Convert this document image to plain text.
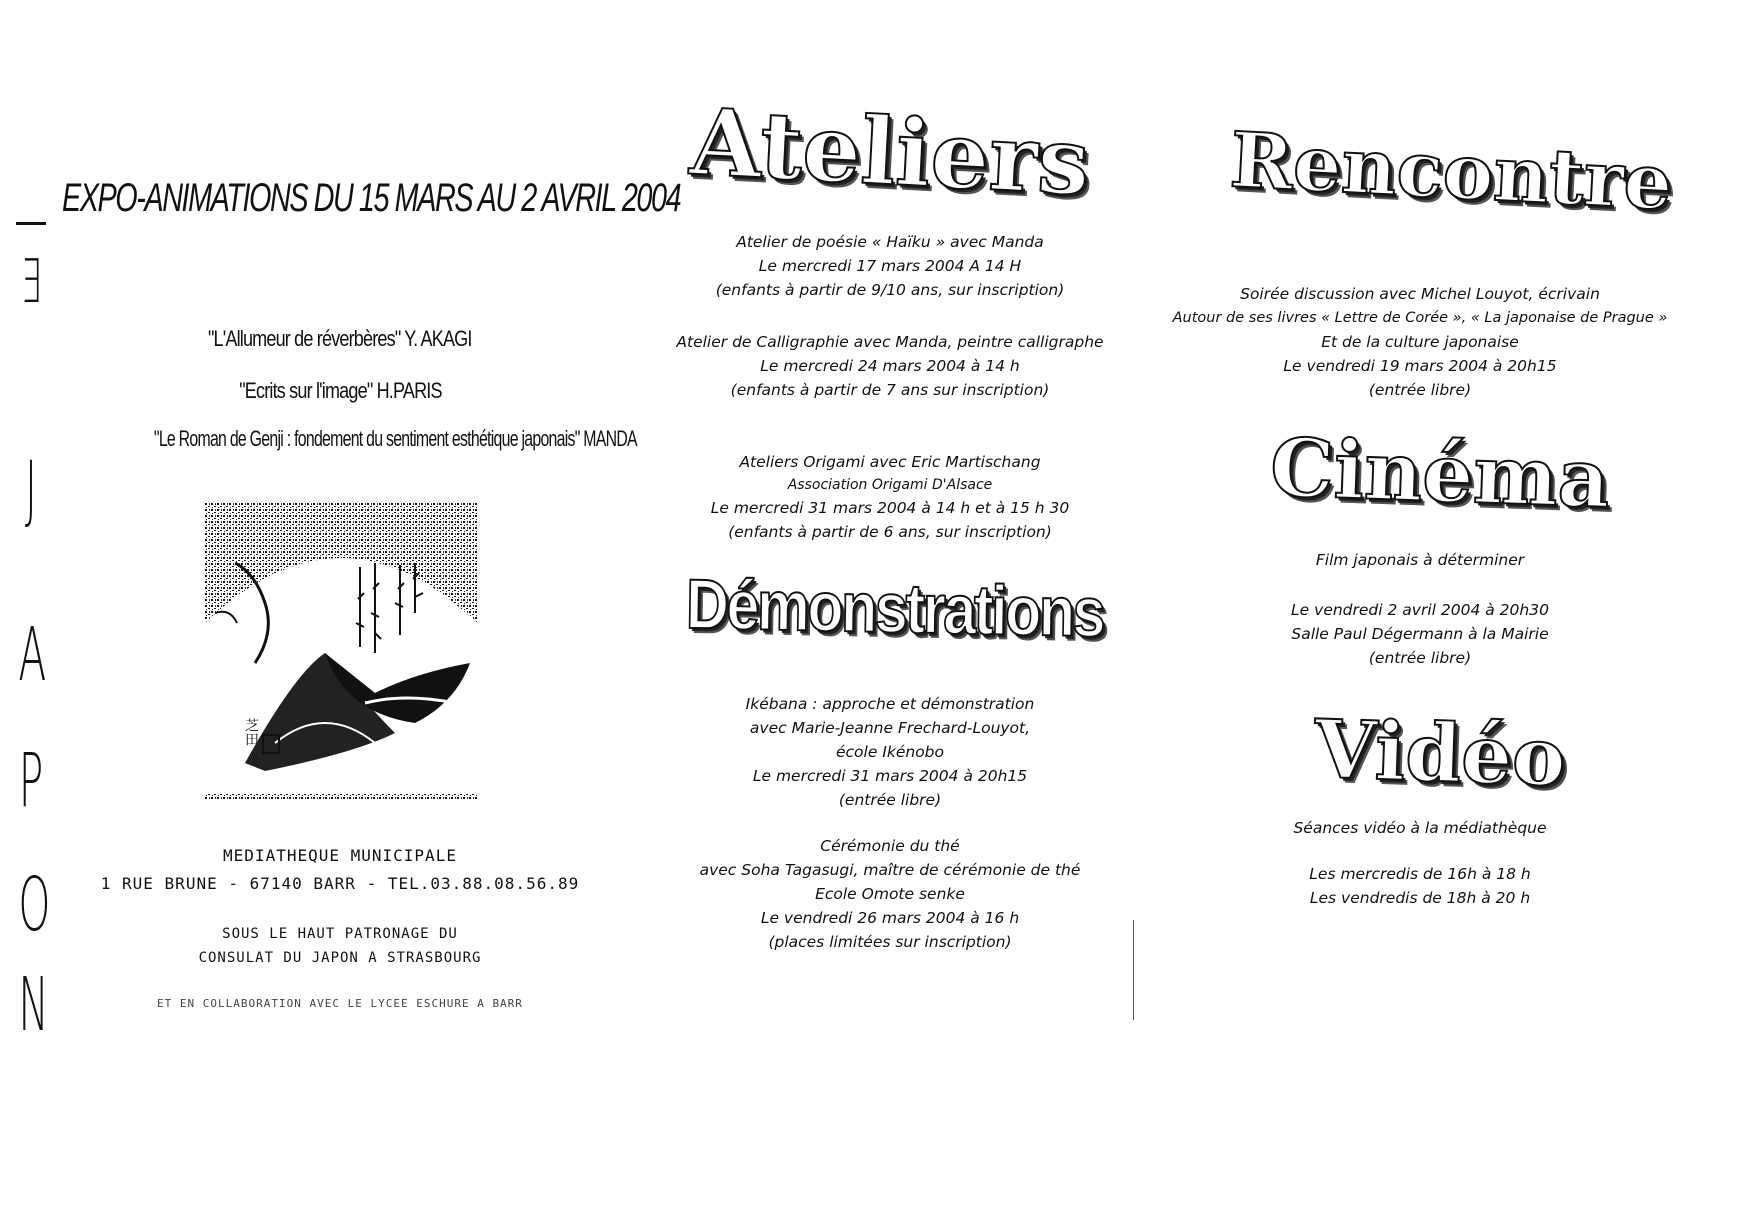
J
A
P
O
N
∃
EXPO-ANIMATIONS DU 15 MARS AU 2 AVRIL 2004
"L'Allumeur de réverbères" Y. AKAGI
"Ecrits sur l'image" H.PARIS
"Le Roman de Genji : fondement du sentiment esthétique japonais" MANDA
芝田
MEDIATHEQUE MUNICIPALE
1 RUE BRUNE - 67140 BARR - TEL.03.88.08.56.89
SOUS LE HAUT PATRONAGE DU
CONSULAT DU JAPON A STRASBOURG
ET EN COLLABORATION AVEC LE LYCEE ESCHURE A BARR
Ateliers
Atelier de poésie « Haïku » avec Manda
Le mercredi 17 mars 2004 A 14 H
(enfants à partir de 9/10 ans, sur inscription)
Atelier de Calligraphie avec Manda, peintre calligraphe
Le mercredi 24 mars 2004 à 14 h
(enfants à partir de 7 ans sur inscription)
Ateliers Origami avec Eric Martischang
Association Origami D'Alsace
Le mercredi 31 mars 2004 à 14 h et à 15 h 30
(enfants à partir de 6 ans, sur inscription)
Démonstrations
Ikébana : approche et démonstration
avec Marie-Jeanne Frechard-Louyot,
école Ikénobo
Le mercredi 31 mars 2004 à 20h15
(entrée libre)
Cérémonie du thé
avec Soha Tagasugi, maître de cérémonie de thé
Ecole Omote senke
Le vendredi 26 mars 2004 à 16 h
(places limitées sur inscription)
Rencontre
Soirée discussion avec Michel Louyot, écrivain
Autour de ses livres « Lettre de Corée », « La japonaise de Prague »
Et de la culture japonaise
Le vendredi 19 mars 2004 à 20h15
(entrée libre)
Cinéma
Film japonais à déterminer
Le vendredi 2 avril 2004 à 20h30
Salle Paul Dégermann à la Mairie
(entrée libre)
Vidéo
Séances vidéo à la médiathèque
Les mercredis de 16h à 18 h
Les vendredis de 18h à 20 h
